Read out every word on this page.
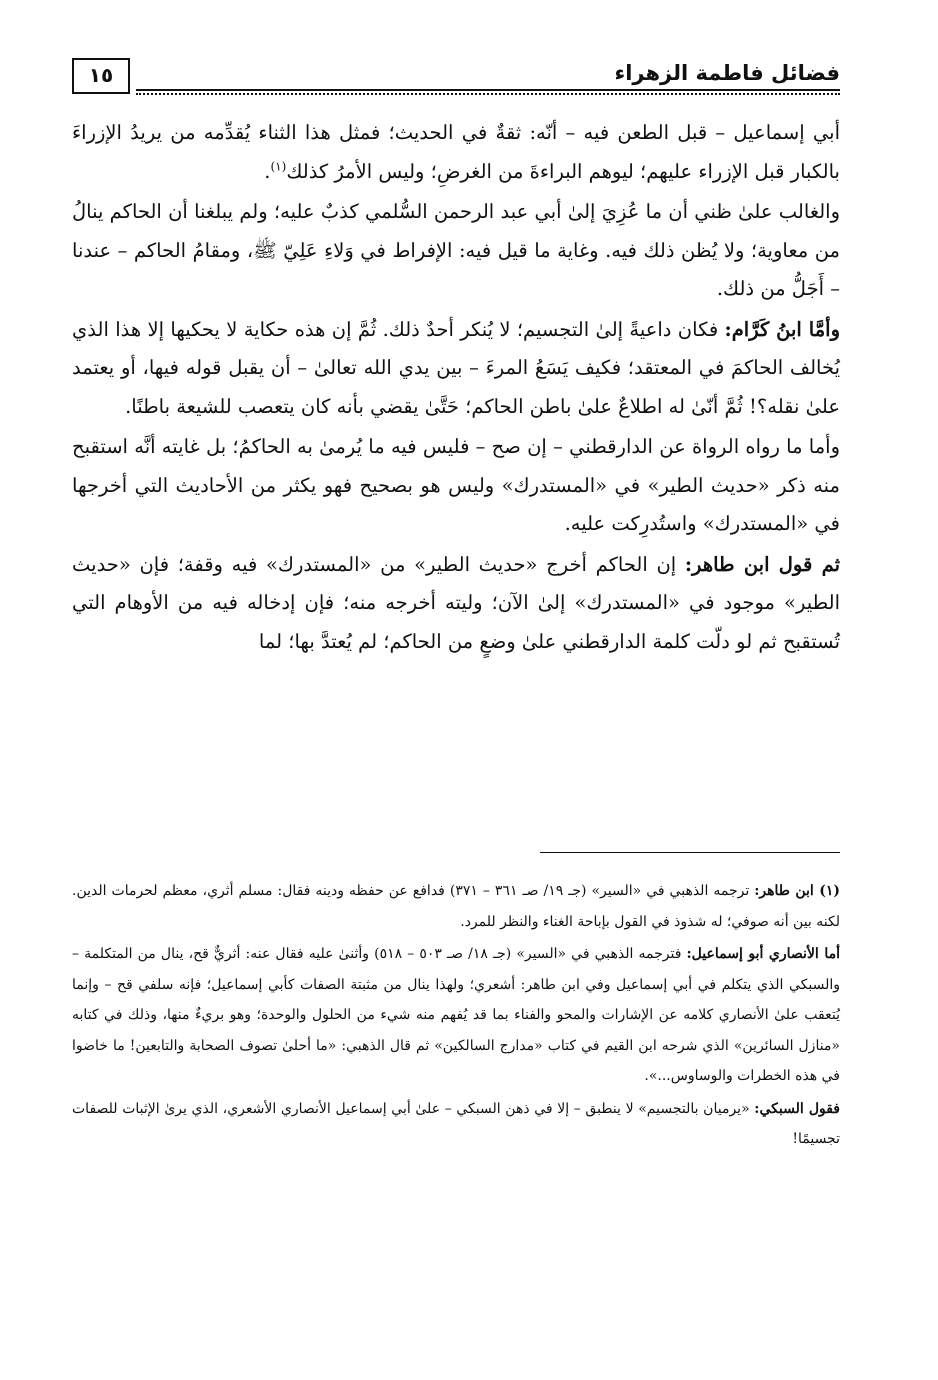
فضائل فاطمة الزهراء
١٥

أبي إسماعيل – قبل الطعن فيه – أنّه: ثقةٌ في الحديث؛ فمثل هذا الثناء يُقدِّمه من يريدُ الإزراءَ بالكبار قبل الإزراء عليهم؛ ليوهم البراءةَ من الغرضِ؛ وليس الأمرُ كذلك$^{(١)}$.

والغالب علىٰ ظني أن ما عُزِيَ إلىٰ أبي عبد الرحمن السُّلمي كذبٌ عليه؛ ولم يبلغنا أن الحاكم ينالُ من معاوية؛ ولا يُظن ذلك فيه. وغاية ما قيل فيه: الإفراط في وَلاءِ عَلِيّ ﷺ، ومقامُ الحاكم – عندنا – أَجَلُّ من ذلك.

وأمَّا ابنُ كَرَّام: فكان داعيةً إلىٰ التجسيم؛ لا يُنكر أحدٌ ذلك. ثُمَّ إن هذه حكاية لا يحكيها إلا هذا الذي يُخالف الحاكمَ في المعتقد؛ فكيف يَسَعُ المرءَ – بين يدي الله تعالىٰ – أن يقبل قوله فيها، أو يعتمد علىٰ نقله؟! ثُمَّ أنّىٰ له اطلاعٌ علىٰ باطن الحاكم؛ حَتَّىٰ يقضي بأنه كان يتعصب للشيعة باطنًا.

وأما ما رواه الرواة عن الدارقطني – إن صح – فليس فيه ما يُرمىٰ به الحاكمُ؛ بل غايته أنَّه استقبح منه ذكر «حديث الطير» في «المستدرك» وليس هو بصحيح فهو يكثر من الأحاديث التي أخرجها في «المستدرك» واستُدرِكت عليه.

ثم قول ابن طاهر: إن الحاكم أخرج «حديث الطير» من «المستدرك» فيه وقفة؛ فإن «حديث الطير» موجود في «المستدرك» إلىٰ الآن؛ وليته أخرجه منه؛ فإن إدخاله فيه من الأوهام التي تُستقبح ثم لو دلّت كلمة الدارقطني علىٰ وضعٍ من الحاكم؛ لم يُعتدَّ بها؛ لما

(١) ابن طاهر: ترجمه الذهبي في «السير» (جـ ١٩/ صـ ٣٦١ – ٣٧١) فدافع عن حفظه ودينه فقال: مسلم أثري، معظم لحرمات الدين. لكنه بين أنه صوفي؛ له شذوذ في القول بإباحة الغناء والنظر للمرد.

أما الأنصاري أبو إسماعيل: فترجمه الذهبي في «السير» (جـ ١٨/ صـ ٥٠٣ – ٥١٨) وأثنىٰ عليه فقال عنه: أثريٌّ قح، ينال من المتكلمة – والسبكي الذي يتكلم في أبي إسماعيل وفي ابن طاهر: أشعري؛ ولهذا ينال من مثبتة الصفات كأبي إسماعيل؛ فإنه سلفي قح – وإنما يُتعقب علىٰ الأنصاري كلامه عن الإشارات والمحو والفناء بما قد يُفهم منه شيء من الحلول والوحدة؛ وهو بريءٌ منها، وذلك في كتابه «منازل السائرين» الذي شرحه ابن القيم في كتاب «مدارج السالكين» ثم قال الذهبي: «ما أحلىٰ تصوف الصحابة والتابعين! ما خاضوا في هذه الخطرات والوساوس...».

فقول السبكي: «يرميان بالتجسيم» لا ينطبق – إلا في ذهن السبكي – علىٰ أبي إسماعيل الأنصاري الأشعري، الذي يرىٰ الإثبات للصفات تجسيمًا!
